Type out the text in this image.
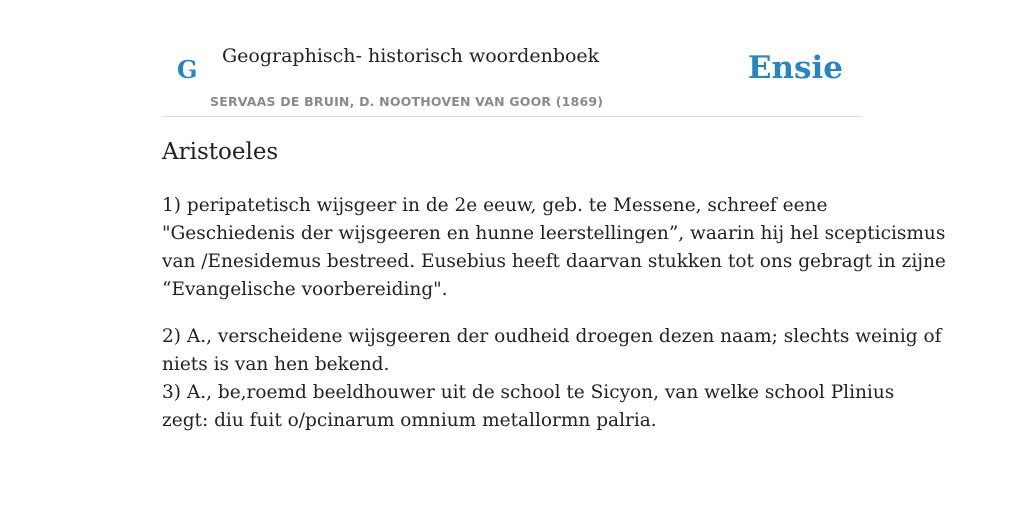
G Geographisch- historisch woordenboek
SERVAAS DE BRUIN, D. NOOTHOVEN VAN GOOR (1869)
Ensie
Aristoeles

1) peripatetisch wijsgeer in de 2e eeuw, geb. te Messene, schreef eene
"Geschiedenis der wijsgeeren en hunne leerstellingen”, waarin hij hel scepticismus
van /Enesidemus bestreed. Eusebius heeft daarvan stukken tot ons gebragt in zijne
“Evangelische voorbereiding".

2) A., verscheidene wijsgeeren der oudheid droegen dezen naam; slechts weinig of
niets is van hen bekend.
3) A., be,roemd beeldhouwer uit de school te Sicyon, van welke school Plinius
zegt: diu fuit o/pcinarum omnium metallormn palria.
